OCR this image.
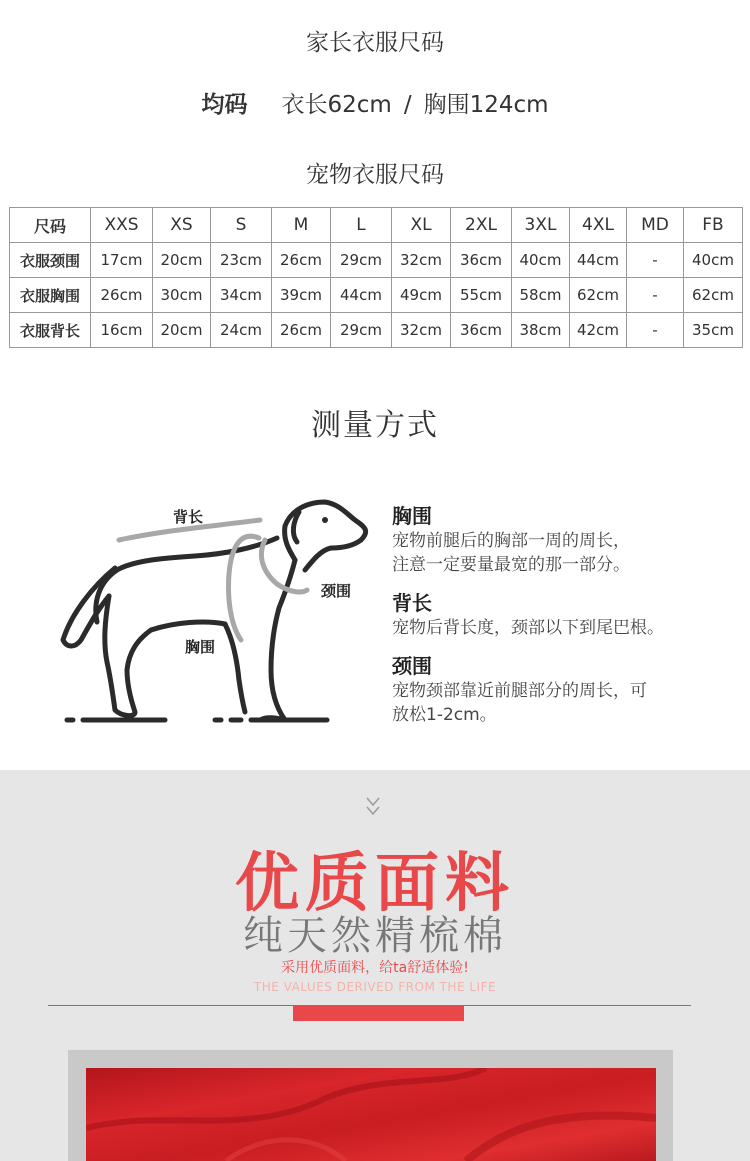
家长衣服尺码
均码 衣长62cm / 胸围124cm
宠物衣服尺码
尺码	XXS	XS	S	M	L	XL	2XL	3XL	4XL	MD	FB
衣服颈围	17cm	20cm	23cm	26cm	29cm	32cm	36cm	40cm	44cm	-	40cm
衣服胸围	26cm	30cm	34cm	39cm	44cm	49cm	55cm	58cm	62cm	-	62cm
衣服背长	16cm	20cm	24cm	26cm	29cm	32cm	36cm	38cm	42cm	-	35cm
测量方式
背长
颈围
胸围
胸围
宠物前腿后的胸部一周的周长，
注意一定要量最宽的那一部分。
背长
宠物后背长度，颈部以下到尾巴根。
颈围
宠物颈部靠近前腿部分的周长，可
放松1-2cm。
优质面料
纯天然精梳棉
采用优质面料，给ta舒适体验!
THE VALUES DERIVED FROM THE LIFE
